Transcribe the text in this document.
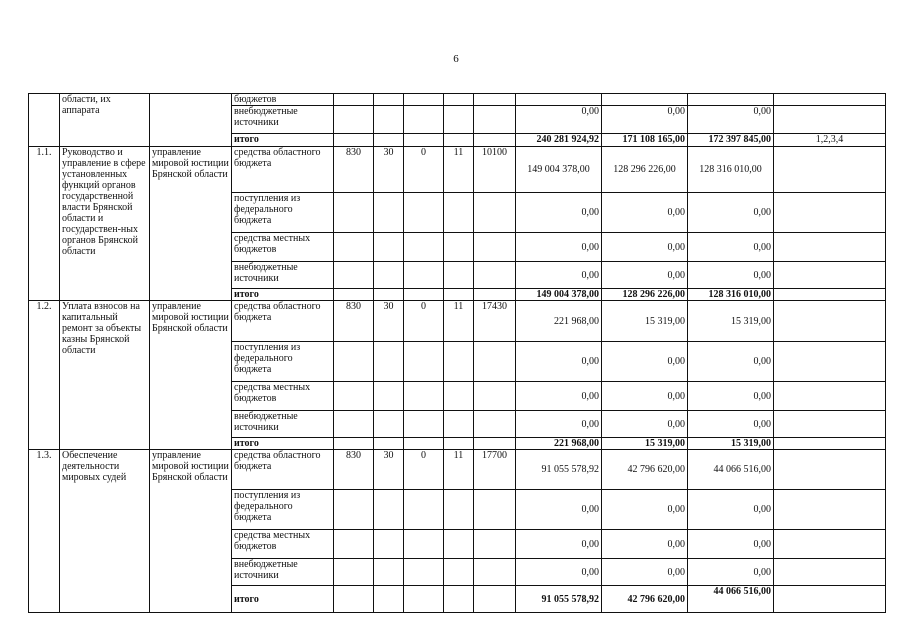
6
	области, их аппарата		бюджетов									
			внебюджетные источники						0,00	0,00	0,00	
			итого						240 281 924,92	171 108 165,00	172 397 845,00	1,2,3,4
1.1.	Руководство и управление в сфере установленных функций органов государственной власти Брянской области и государствен-ных органов Брянской области	управление мировой юстиции Брянской области	средства областного бюджета	830	30	0	11	10100	149 004 378,00	128 296 226,00	128 316 010,00	
			поступления из федерального бюджета						0,00	0,00	0,00	
			средства местных бюджетов						0,00	0,00	0,00	
			внебюджетные источники						0,00	0,00	0,00	
			итого						149 004 378,00	128 296 226,00	128 316 010,00	
1.2.	Уплата взносов на капитальный ремонт за объекты казны Брянской области	управление мировой юстиции Брянской области	средства областного бюджета	830	30	0	11	17430	221 968,00	15 319,00	15 319,00	
			поступления из федерального бюджета						0,00	0,00	0,00	
			средства местных бюджетов						0,00	0,00	0,00	
			внебюджетные источники						0,00	0,00	0,00	
			итого						221 968,00	15 319,00	15 319,00	
1.3.	Обеспечение деятельности мировых судей	управление мировой юстиции Брянской области	средства областного бюджета	830	30	0	11	17700	91 055 578,92	42 796 620,00	44 066 516,00	
			поступления из федерального бюджета						0,00	0,00	0,00	
			средства местных бюджетов						0,00	0,00	0,00	
			внебюджетные источники						0,00	0,00	0,00	
			итого						91 055 578,92	42 796 620,00	44 066 516,00	
